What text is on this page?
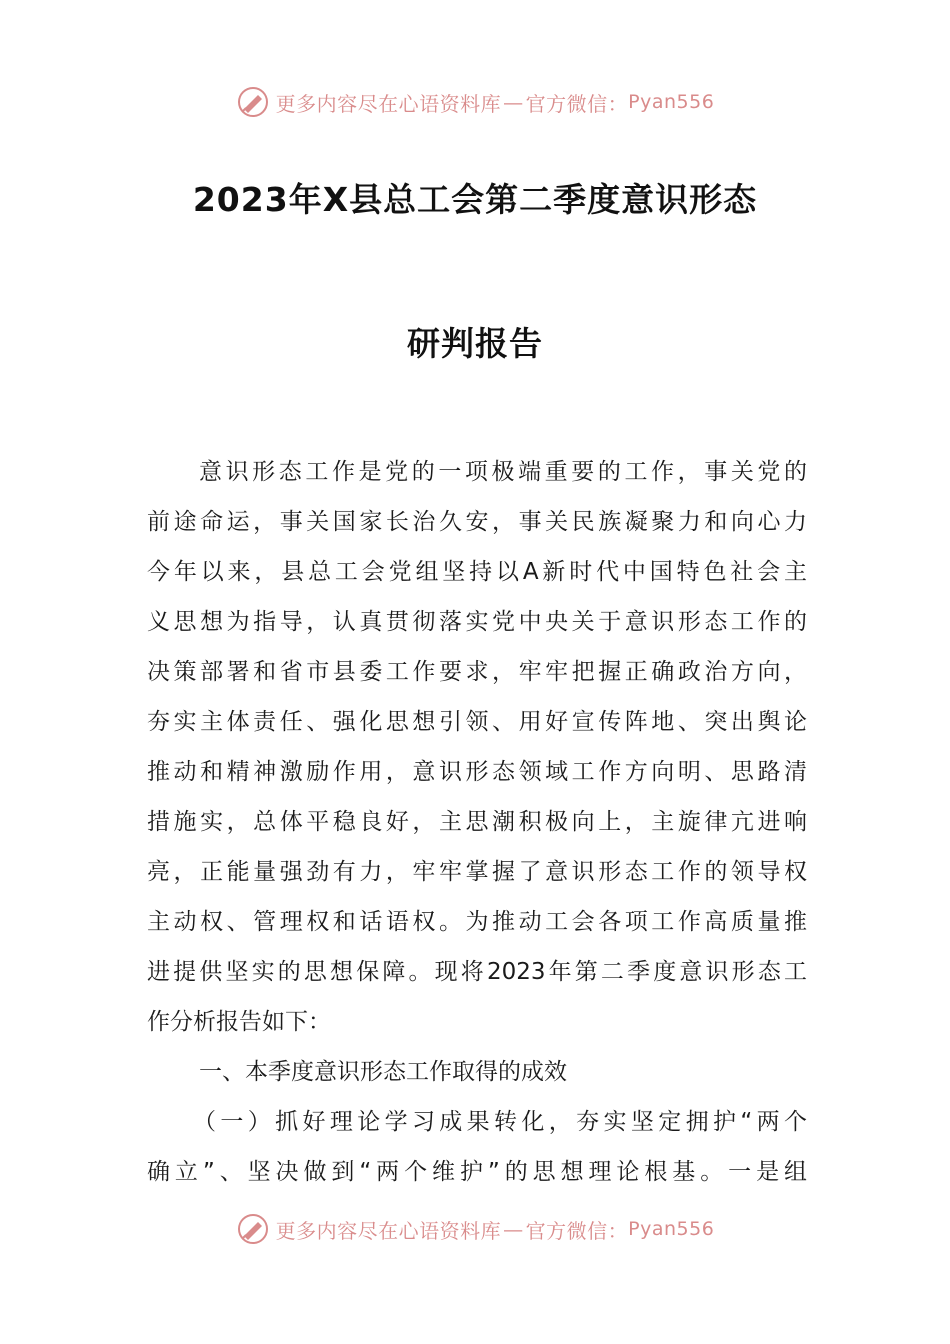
更多内容尽在心语资料库 — 官方微信： Pyan556
2023年X县总工会第二季度意识形态
研判报告
意识形态工作是党的一项极端重要的工作，事关党的
前途命运，事关国家长治久安，事关民族凝聚力和向心力
今年以来，县总工会党组坚持以A新时代中国特色社会主
义思想为指导，认真贯彻落实党中央关于意识形态工作的
决策部署和省市县委工作要求，牢牢把握正确政治方向，
夯实主体责任、强化思想引领、用好宣传阵地、突出舆论
推动和精神激励作用，意识形态领域工作方向明、思路清
措施实，总体平稳良好，主思潮积极向上，主旋律亢进响
亮，正能量强劲有力，牢牢掌握了意识形态工作的领导权
主动权、管理权和话语权。为推动工会各项工作高质量推
进提供坚实的思想保障。现将2023年第二季度意识形态工
作分析报告如下：
一、本季度意识形态工作取得的成效
（一）抓好理论学习成果转化，夯实坚定拥护“两个
确立”、坚决做到“两个维护”的思想理论根基。一是组
更多内容尽在心语资料库 — 官方微信： Pyan556
